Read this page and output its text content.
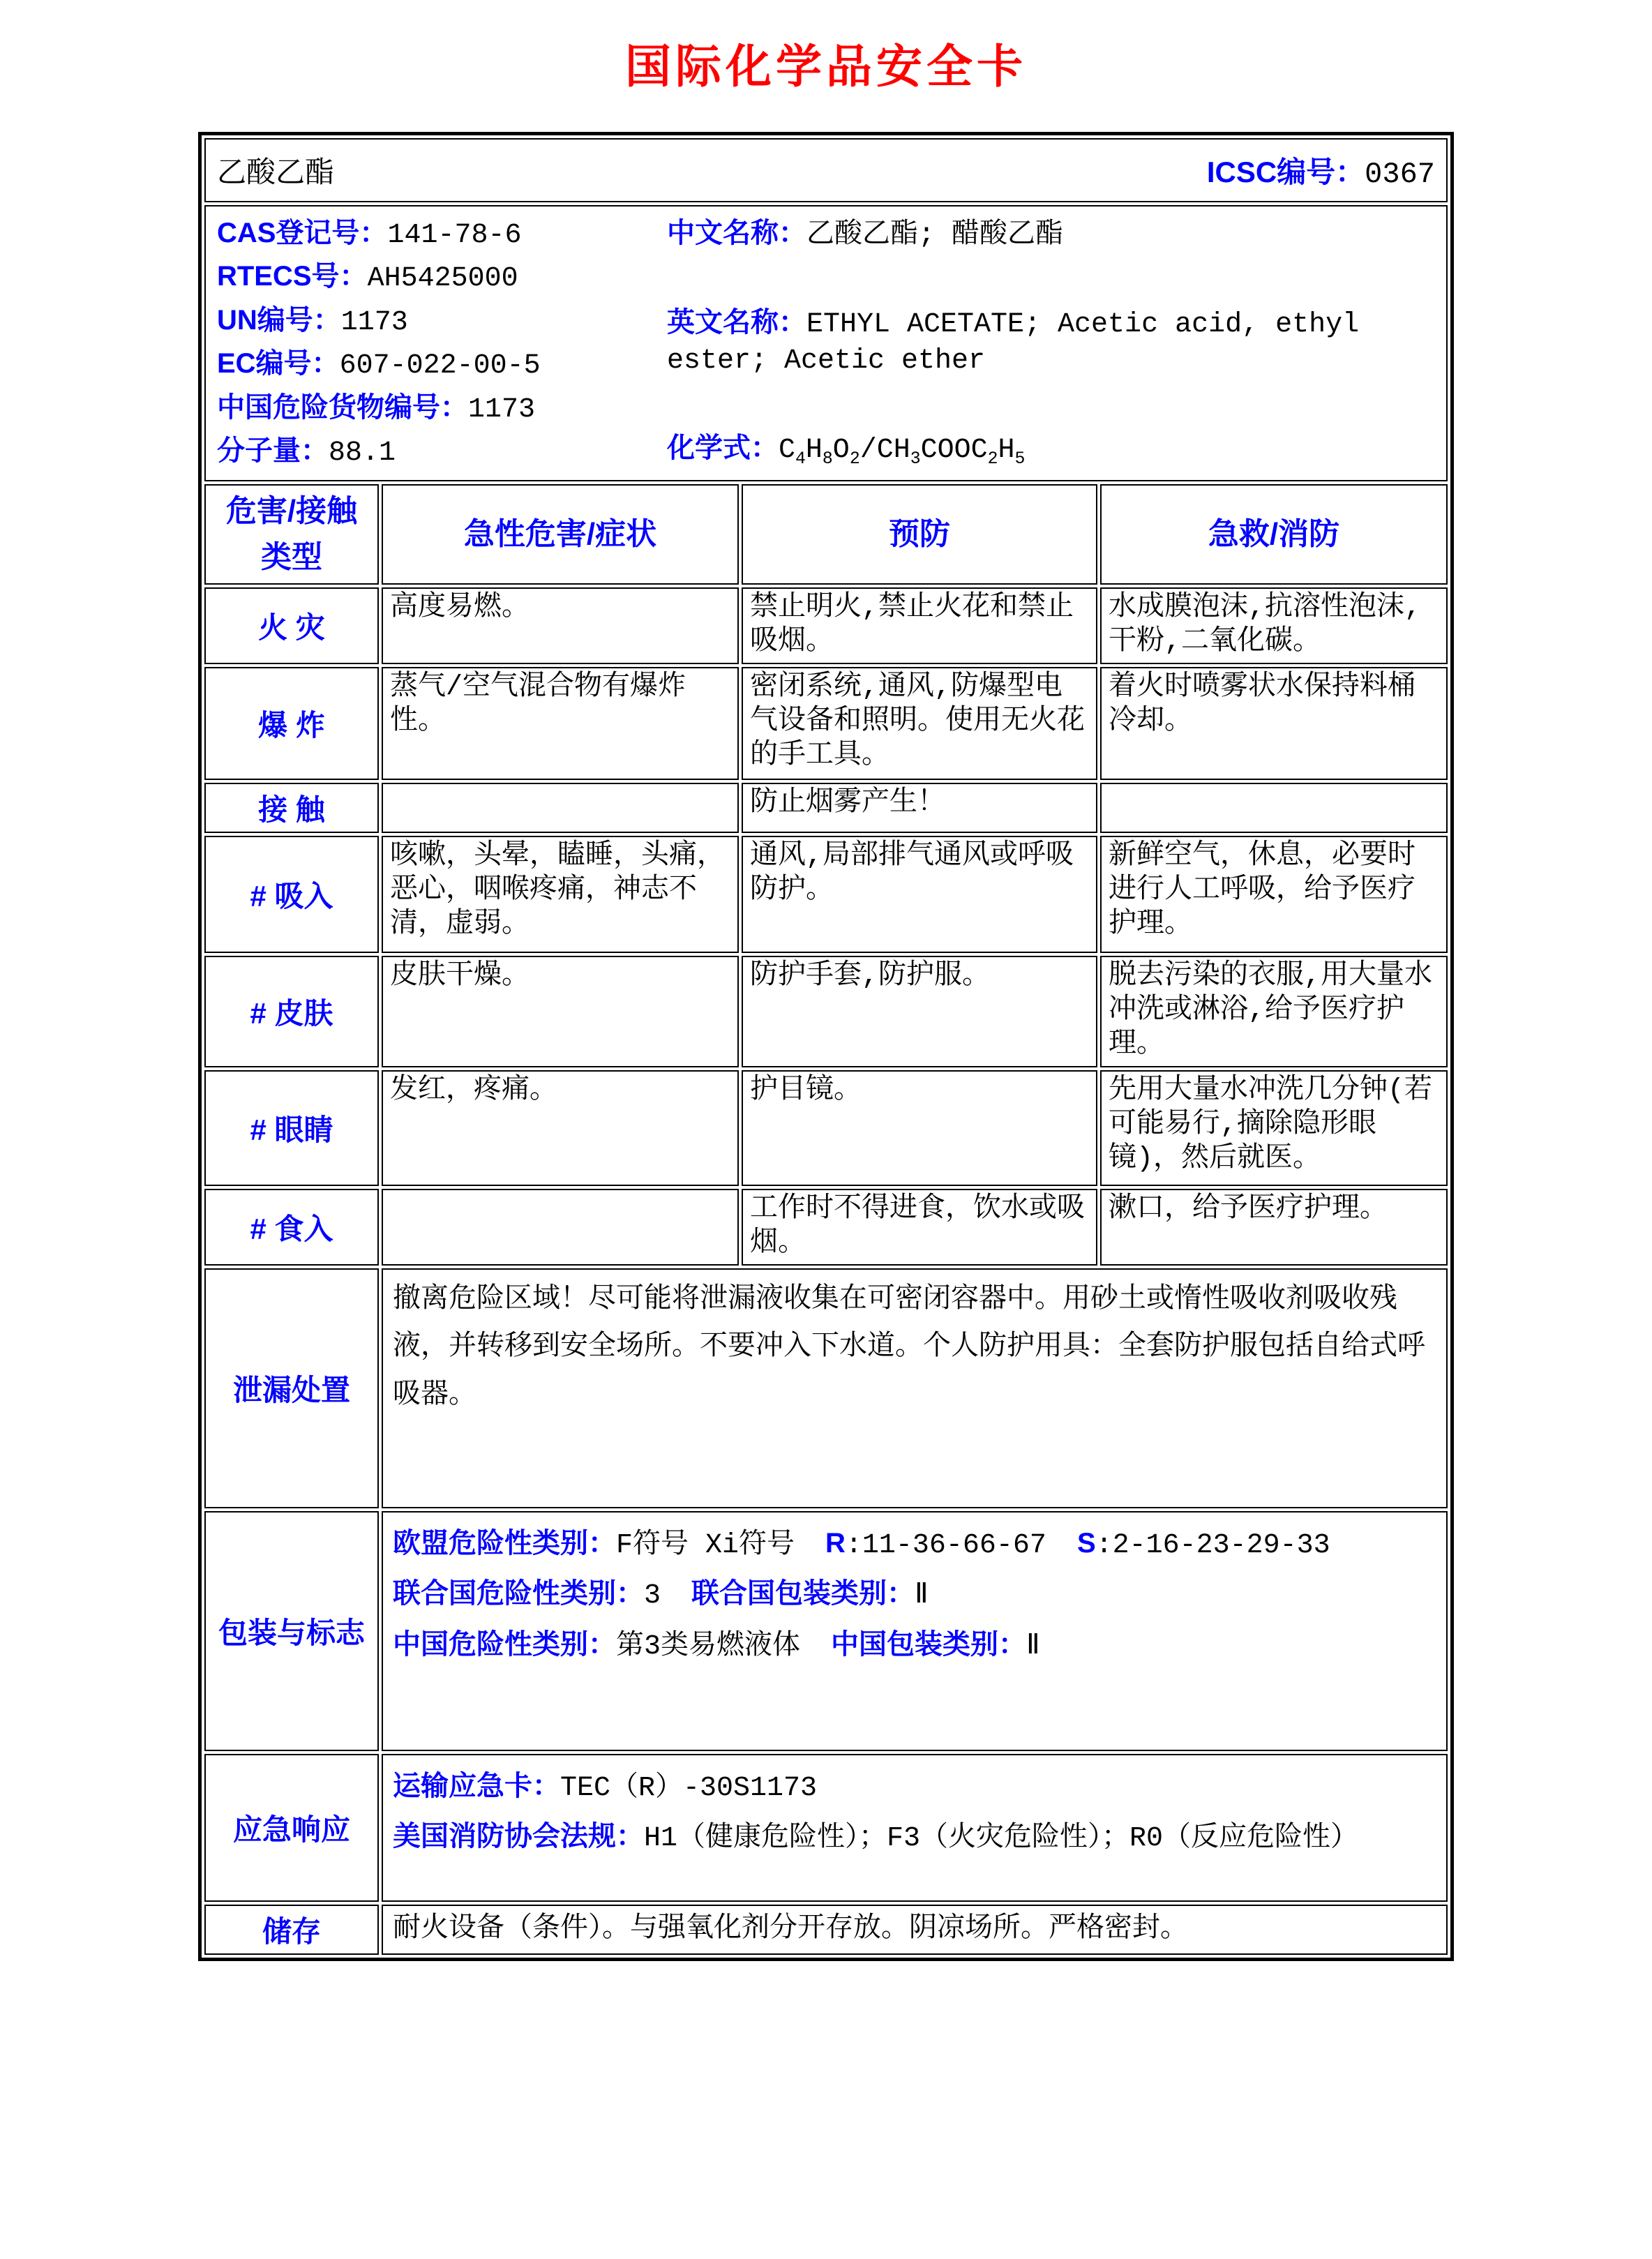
国际化学品安全卡
乙酸乙酯 ICSC编号：0367			

CAS登记号：141-78-6
RTECS号：AH5425000
UN编号：1173
EC编号：607-022-00-5
中国危险货物编号：1173
分子量：88.1
中文名称：乙酸乙酯; 醋酸乙酯
英文名称：ETHYL ACETATE; Acetic acid, ethyl ester; Acetic ether
化学式：$C_4H_8O_2/CH_3COOC_2H_5$

危害/接触类型	急性危害/症状	预防	急救/消防
火 灾	高度易燃。	禁止明火,禁止火花和禁止吸烟。	水成膜泡沫,抗溶性泡沫,干粉,二氧化碳。
爆 炸	蒸气/空气混合物有爆炸性。	密闭系统,通风,防爆型电气设备和照明。使用无火花的手工具。	着火时喷雾状水保持料桶冷却。
接 触		防止烟雾产生！	
# 吸入	咳嗽，头晕，瞌睡，头痛，恶心，咽喉疼痛，神志不清，虚弱。	通风,局部排气通风或呼吸防护。	新鲜空气，休息，必要时进行人工呼吸，给予医疗护理。
# 皮肤	皮肤干燥。	防护手套,防护服。	脱去污染的衣服,用大量水冲洗或淋浴,给予医疗护理。
# 眼睛	发红，疼痛。	护目镜。	先用大量水冲洗几分钟(若可能易行,摘除隐形眼镜)，然后就医。
# 食入		工作时不得进食，饮水或吸烟。	漱口，给予医疗护理。
泄漏处置	撤离危险区域！尽可能将泄漏液收集在可密闭容器中。用砂土或惰性吸收剂吸收残液，并转移到安全场所。不要冲入下水道。个人防护用具：全套防护服包括自给式呼吸器。		
包装与标志	欧盟危险性类别：F符号 Xi符号 R:11-36-66-67 S:2-16-23-29-33
联合国危险性类别：3 联合国包装类别：Ⅱ
中国危险性类别：第3类易燃液体 中国包装类别：Ⅱ		

应急响应	运输应急卡：TEC（R）-30S1173
美国消防协会法规：H1（健康危险性）；F3（火灾危险性）；R0（反应危险性）		

储存	耐火设备（条件）。与强氧化剂分开存放。阴凉场所。严格密封。		
